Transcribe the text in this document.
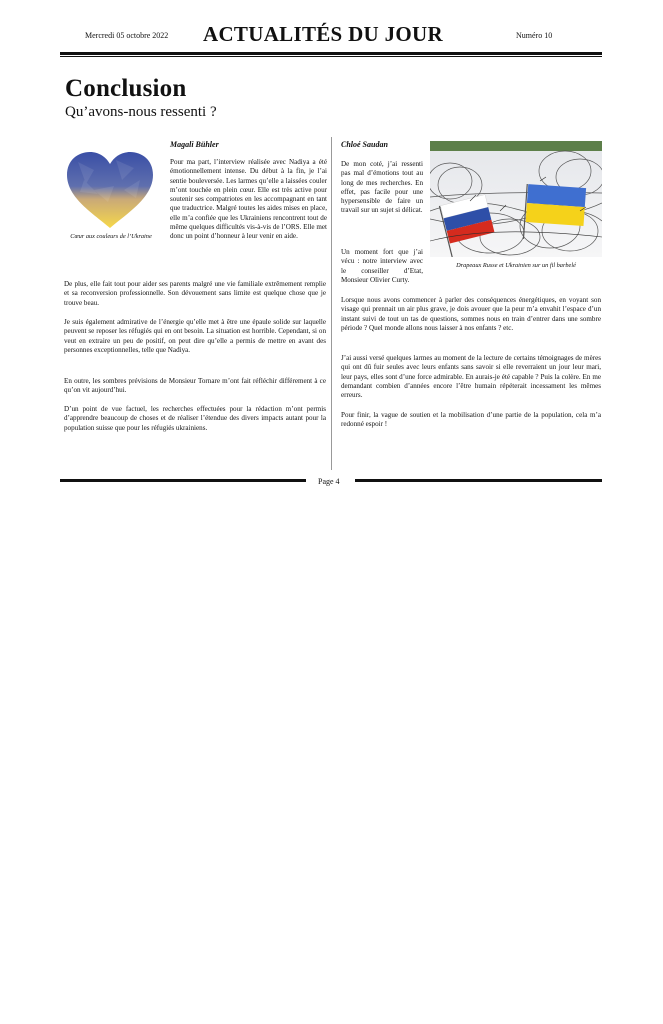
Mercredi 05 octobre 2022 ACTUALITÉS DU JOUR	Numéro 10
Conclusion
Qu’avons-nous ressenti ?
Magali Bühler
Cœur aux couleurs de l’Ukraine

Pour ma part, l’interview réalisée avec Nadiya a été émotionnellement intense. Du début à la fin, je l’ai sentie bouleversée. Les larmes qu’elle a laissées couler m’ont touchée en plein cœur. Elle est très active pour soutenir ses compatriotes en les accompagnant en tant que traductrice. Malgré toutes les aides mises en place, elle m’a confiée que les Ukrainiens rencontrent tout de même quelques difficultés vis-à-vis de l’ORS. Elle met donc un point d’honneur à leur venir en aide.

De plus, elle fait tout pour aider ses parents malgré une vie familiale extrêmement remplie et sa reconversion professionnelle. Son dévouement sans limite est quelque chose que je trouve beau.

Je suis également admirative de l’énergie qu’elle met à être une épaule solide sur laquelle peuvent se reposer les réfugiés qui en ont besoin. La situation est horrible. Cependant, si on veut en extraire un peu de positif, on peut dire qu’elle a permis de mettre en avant des personnes exceptionnelles, telle que Nadiya.

En outre, les sombres prévisions de Monsieur Tornare m’ont fait réfléchir différement à ce qu’on vit aujourd’hui.

D’un point de vue factuel, les recherches effectuées pour la rédaction m’ont permis d’apprendre beaucoup de choses et de réaliser l’étendue des divers impacts autant pour la population suisse que pour les réfugiés ukrainiens.

Chloé Saudan

De mon coté, j’ai ressenti pas mal d’émotions tout au long de mes recherches. En effet, pas facile pour une hypersensible de faire un travail sur un sujet si délicat.

Un moment fort que j’ai vécu : notre interview avec le conseiller d’Etat, Monsieur Olivier Curty.

Drapeaux Russe et Ukrainien sur un fil barbelé

Lorsque nous avons commencer à parler des conséquences énergétiques, en voyant son visage qui prennait un air plus grave, je dois avouer que la peur m’a envahit l’espace d’un instant suivi de tout un tas de questions, sommes nous en train d’entrer dans une sombre période ? Quel monde allons nous laisser à nos enfants ? etc.

J’ai aussi versé quelques larmes au moment de la lecture de certains témoignages de mères qui ont dû fuir seules avec leurs enfants sans savoir si elle reverraient un jour leur mari, leur pays, elles sont d’une force admirable. En aurais-je été capable ? Puis la colère. En me demandant combien d’années encore l’être humain répéterait incessament les mêmes erreurs.

Pour finir, la vague de soutien et la mobilisation d’une partie de la population, cela m’a redonné espoir !

Page 4
